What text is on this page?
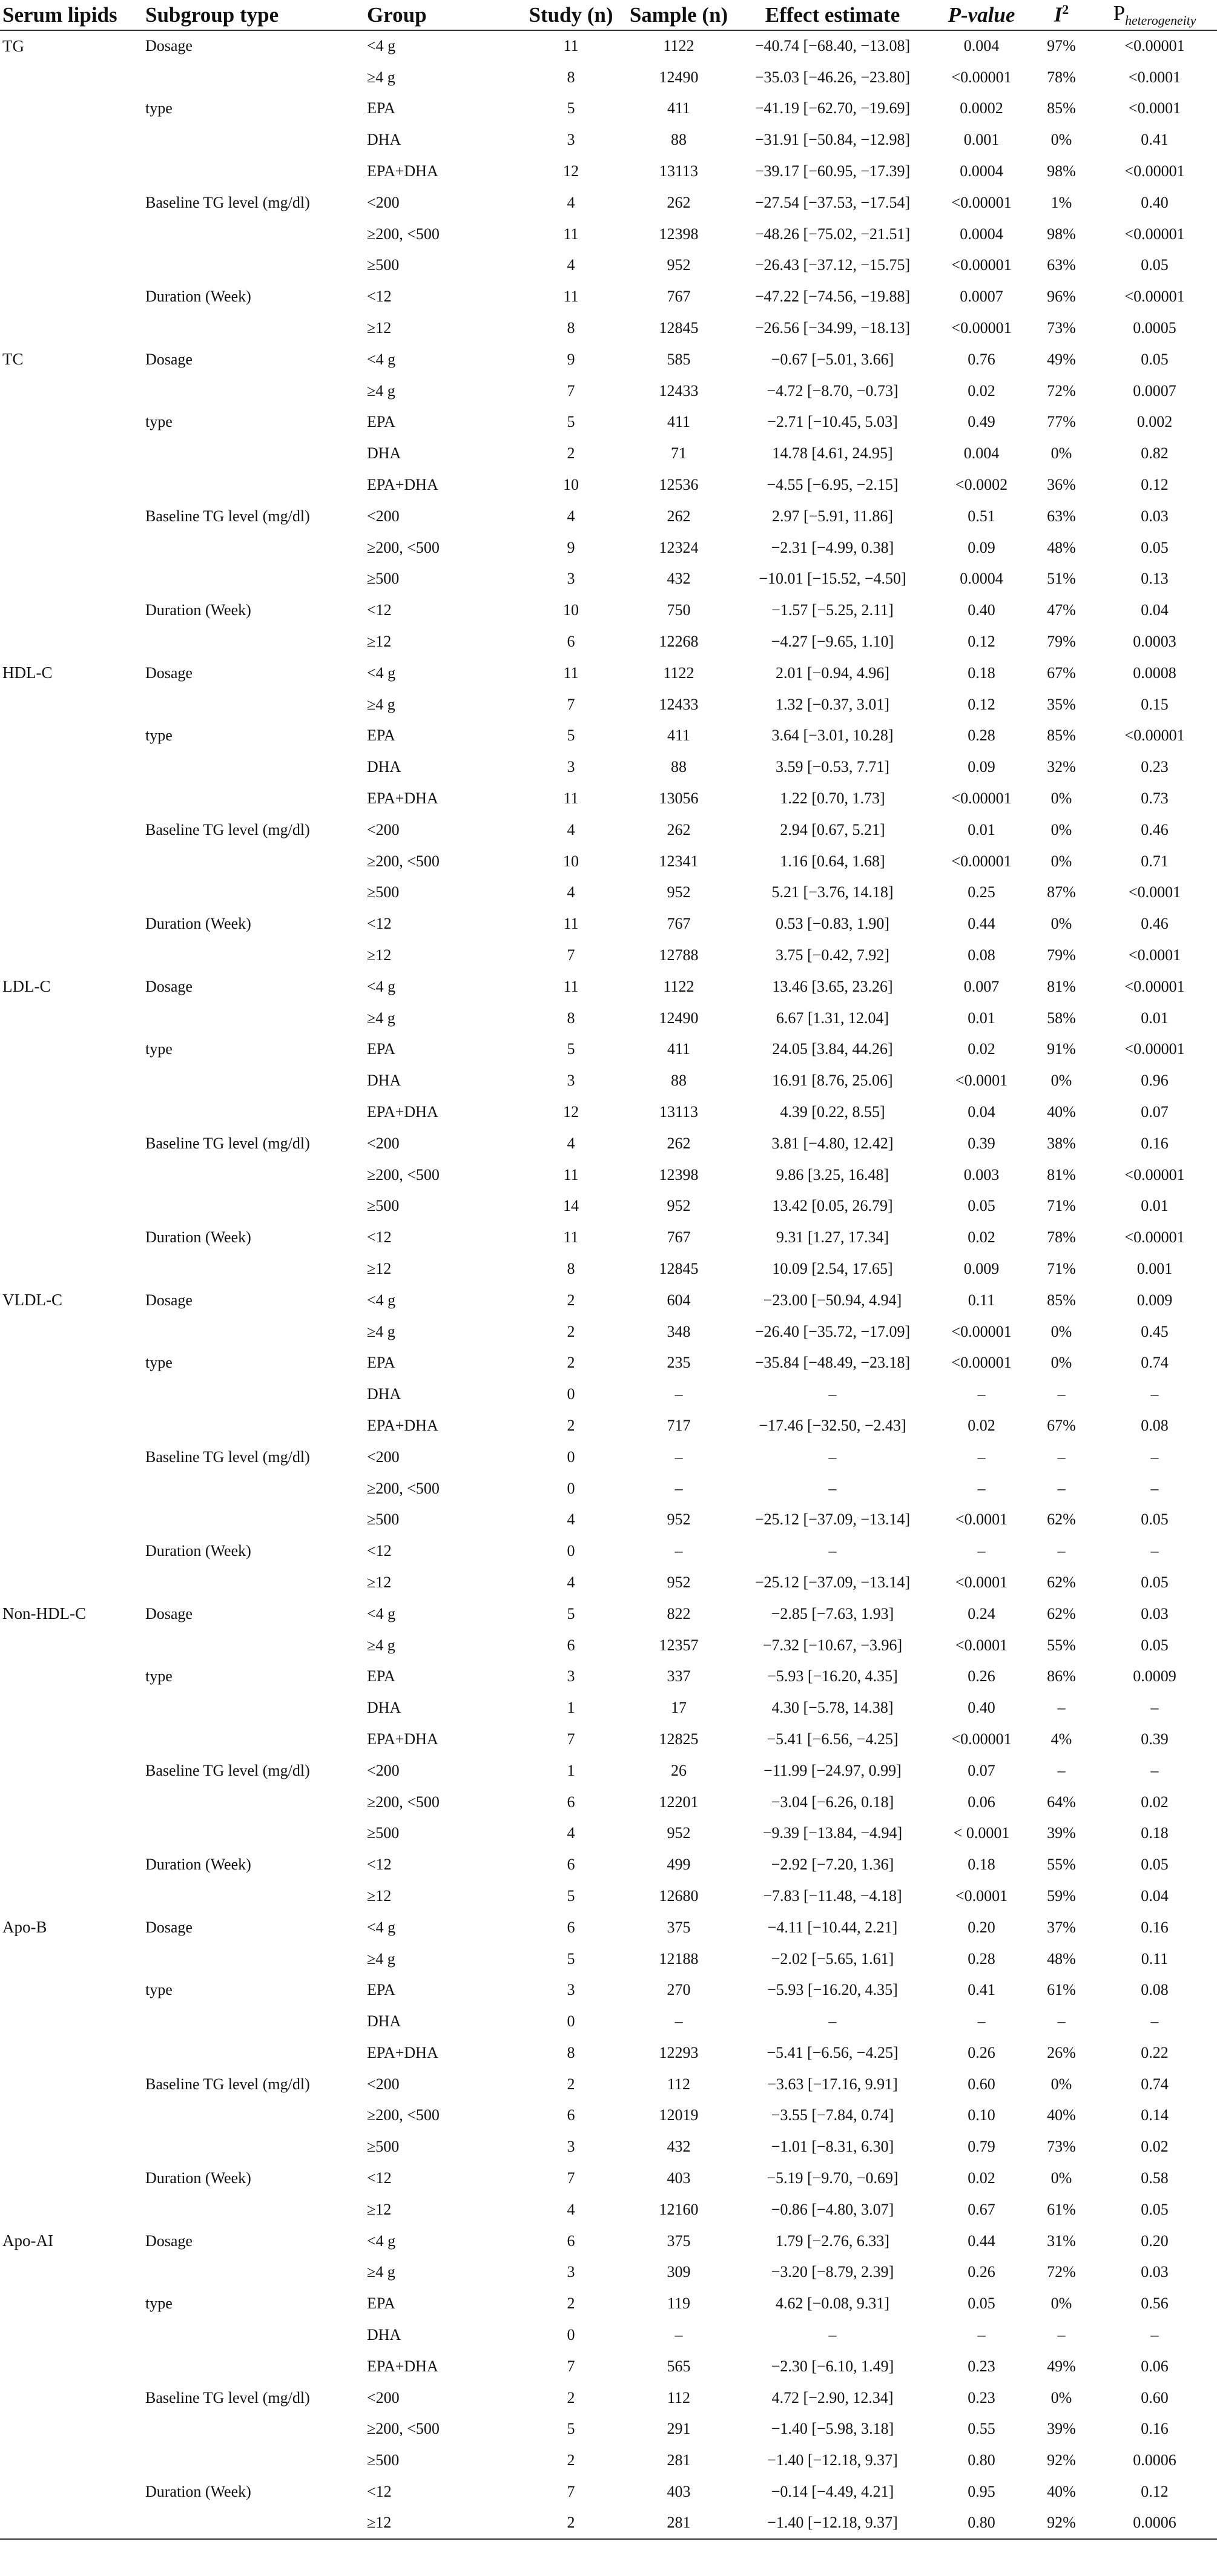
Serum lipids	Subgroup type	Group	Study (n)	Sample (n)	Effect estimate	P-value	$I^2$	$P_{heterogeneity}$
TG	Dosage	<4 g	11	1122	−40.74 [−68.40, −13.08]	0.004	97%	<0.00001
		≥4 g	8	12490	−35.03 [−46.26, −23.80]	<0.00001	78%	<0.0001
	type	EPA	5	411	−41.19 [−62.70, −19.69]	0.0002	85%	<0.0001
		DHA	3	88	−31.91 [−50.84, −12.98]	0.001	0%	0.41
		EPA+DHA	12	13113	−39.17 [−60.95, −17.39]	0.0004	98%	<0.00001
	Baseline TG level (mg/dl)	<200	4	262	−27.54 [−37.53, −17.54]	<0.00001	1%	0.40
		≥200, <500	11	12398	−48.26 [−75.02, −21.51]	0.0004	98%	<0.00001
		≥500	4	952	−26.43 [−37.12, −15.75]	<0.00001	63%	0.05
	Duration (Week)	<12	11	767	−47.22 [−74.56, −19.88]	0.0007	96%	<0.00001
		≥12	8	12845	−26.56 [−34.99, −18.13]	<0.00001	73%	0.0005
TC	Dosage	<4 g	9	585	−0.67 [−5.01, 3.66]	0.76	49%	0.05
		≥4 g	7	12433	−4.72 [−8.70, −0.73]	0.02	72%	0.0007
	type	EPA	5	411	−2.71 [−10.45, 5.03]	0.49	77%	0.002
		DHA	2	71	14.78 [4.61, 24.95]	0.004	0%	0.82
		EPA+DHA	10	12536	−4.55 [−6.95, −2.15]	<0.0002	36%	0.12
	Baseline TG level (mg/dl)	<200	4	262	2.97 [−5.91, 11.86]	0.51	63%	0.03
		≥200, <500	9	12324	−2.31 [−4.99, 0.38]	0.09	48%	0.05
		≥500	3	432	−10.01 [−15.52, −4.50]	0.0004	51%	0.13
	Duration (Week)	<12	10	750	−1.57 [−5.25, 2.11]	0.40	47%	0.04
		≥12	6	12268	−4.27 [−9.65, 1.10]	0.12	79%	0.0003
HDL-C	Dosage	<4 g	11	1122	2.01 [−0.94, 4.96]	0.18	67%	0.0008
		≥4 g	7	12433	1.32 [−0.37, 3.01]	0.12	35%	0.15
	type	EPA	5	411	3.64 [−3.01, 10.28]	0.28	85%	<0.00001
		DHA	3	88	3.59 [−0.53, 7.71]	0.09	32%	0.23
		EPA+DHA	11	13056	1.22 [0.70, 1.73]	<0.00001	0%	0.73
	Baseline TG level (mg/dl)	<200	4	262	2.94 [0.67, 5.21]	0.01	0%	0.46
		≥200, <500	10	12341	1.16 [0.64, 1.68]	<0.00001	0%	0.71
		≥500	4	952	5.21 [−3.76, 14.18]	0.25	87%	<0.0001
	Duration (Week)	<12	11	767	0.53 [−0.83, 1.90]	0.44	0%	0.46
		≥12	7	12788	3.75 [−0.42, 7.92]	0.08	79%	<0.0001
LDL-C	Dosage	<4 g	11	1122	13.46 [3.65, 23.26]	0.007	81%	<0.00001
		≥4 g	8	12490	6.67 [1.31, 12.04]	0.01	58%	0.01
	type	EPA	5	411	24.05 [3.84, 44.26]	0.02	91%	<0.00001
		DHA	3	88	16.91 [8.76, 25.06]	<0.0001	0%	0.96
		EPA+DHA	12	13113	4.39 [0.22, 8.55]	0.04	40%	0.07
	Baseline TG level (mg/dl)	<200	4	262	3.81 [−4.80, 12.42]	0.39	38%	0.16
		≥200, <500	11	12398	9.86 [3.25, 16.48]	0.003	81%	<0.00001
		≥500	14	952	13.42 [0.05, 26.79]	0.05	71%	0.01
	Duration (Week)	<12	11	767	9.31 [1.27, 17.34]	0.02	78%	<0.00001
		≥12	8	12845	10.09 [2.54, 17.65]	0.009	71%	0.001
VLDL-C	Dosage	<4 g	2	604	−23.00 [−50.94, 4.94]	0.11	85%	0.009
		≥4 g	2	348	−26.40 [−35.72, −17.09]	<0.00001	0%	0.45
	type	EPA	2	235	−35.84 [−48.49, −23.18]	<0.00001	0%	0.74
		DHA	0	–	–	–	–	–
		EPA+DHA	2	717	−17.46 [−32.50, −2.43]	0.02	67%	0.08
	Baseline TG level (mg/dl)	<200	0	–	–	–	–	–
		≥200, <500	0	–	–	–	–	–
		≥500	4	952	−25.12 [−37.09, −13.14]	<0.0001	62%	0.05
	Duration (Week)	<12	0	–	–	–	–	–
		≥12	4	952	−25.12 [−37.09, −13.14]	<0.0001	62%	0.05
Non-HDL-C	Dosage	<4 g	5	822	−2.85 [−7.63, 1.93]	0.24	62%	0.03
		≥4 g	6	12357	−7.32 [−10.67, −3.96]	<0.0001	55%	0.05
	type	EPA	3	337	−5.93 [−16.20, 4.35]	0.26	86%	0.0009
		DHA	1	17	4.30 [−5.78, 14.38]	0.40	–	–
		EPA+DHA	7	12825	−5.41 [−6.56, −4.25]	<0.00001	4%	0.39
	Baseline TG level (mg/dl)	<200	1	26	−11.99 [−24.97, 0.99]	0.07	–	–
		≥200, <500	6	12201	−3.04 [−6.26, 0.18]	0.06	64%	0.02
		≥500	4	952	−9.39 [−13.84, −4.94]	< 0.0001	39%	0.18
	Duration (Week)	<12	6	499	−2.92 [−7.20, 1.36]	0.18	55%	0.05
		≥12	5	12680	−7.83 [−11.48, −4.18]	<0.0001	59%	0.04
Apo-B	Dosage	<4 g	6	375	−4.11 [−10.44, 2.21]	0.20	37%	0.16
		≥4 g	5	12188	−2.02 [−5.65, 1.61]	0.28	48%	0.11
	type	EPA	3	270	−5.93 [−16.20, 4.35]	0.41	61%	0.08
		DHA	0	–	–	–	–	–
		EPA+DHA	8	12293	−5.41 [−6.56, −4.25]	0.26	26%	0.22
	Baseline TG level (mg/dl)	<200	2	112	−3.63 [−17.16, 9.91]	0.60	0%	0.74
		≥200, <500	6	12019	−3.55 [−7.84, 0.74]	0.10	40%	0.14
		≥500	3	432	−1.01 [−8.31, 6.30]	0.79	73%	0.02
	Duration (Week)	<12	7	403	−5.19 [−9.70, −0.69]	0.02	0%	0.58
		≥12	4	12160	−0.86 [−4.80, 3.07]	0.67	61%	0.05
Apo-AI	Dosage	<4 g	6	375	1.79 [−2.76, 6.33]	0.44	31%	0.20
		≥4 g	3	309	−3.20 [−8.79, 2.39]	0.26	72%	0.03
	type	EPA	2	119	4.62 [−0.08, 9.31]	0.05	0%	0.56
		DHA	0	–	–	–	–	–
		EPA+DHA	7	565	−2.30 [−6.10, 1.49]	0.23	49%	0.06
	Baseline TG level (mg/dl)	<200	2	112	4.72 [−2.90, 12.34]	0.23	0%	0.60
		≥200, <500	5	291	−1.40 [−5.98, 3.18]	0.55	39%	0.16
		≥500	2	281	−1.40 [−12.18, 9.37]	0.80	92%	0.0006
	Duration (Week)	<12	7	403	−0.14 [−4.49, 4.21]	0.95	40%	0.12
		≥12	2	281	−1.40 [−12.18, 9.37]	0.80	92%	0.0006
